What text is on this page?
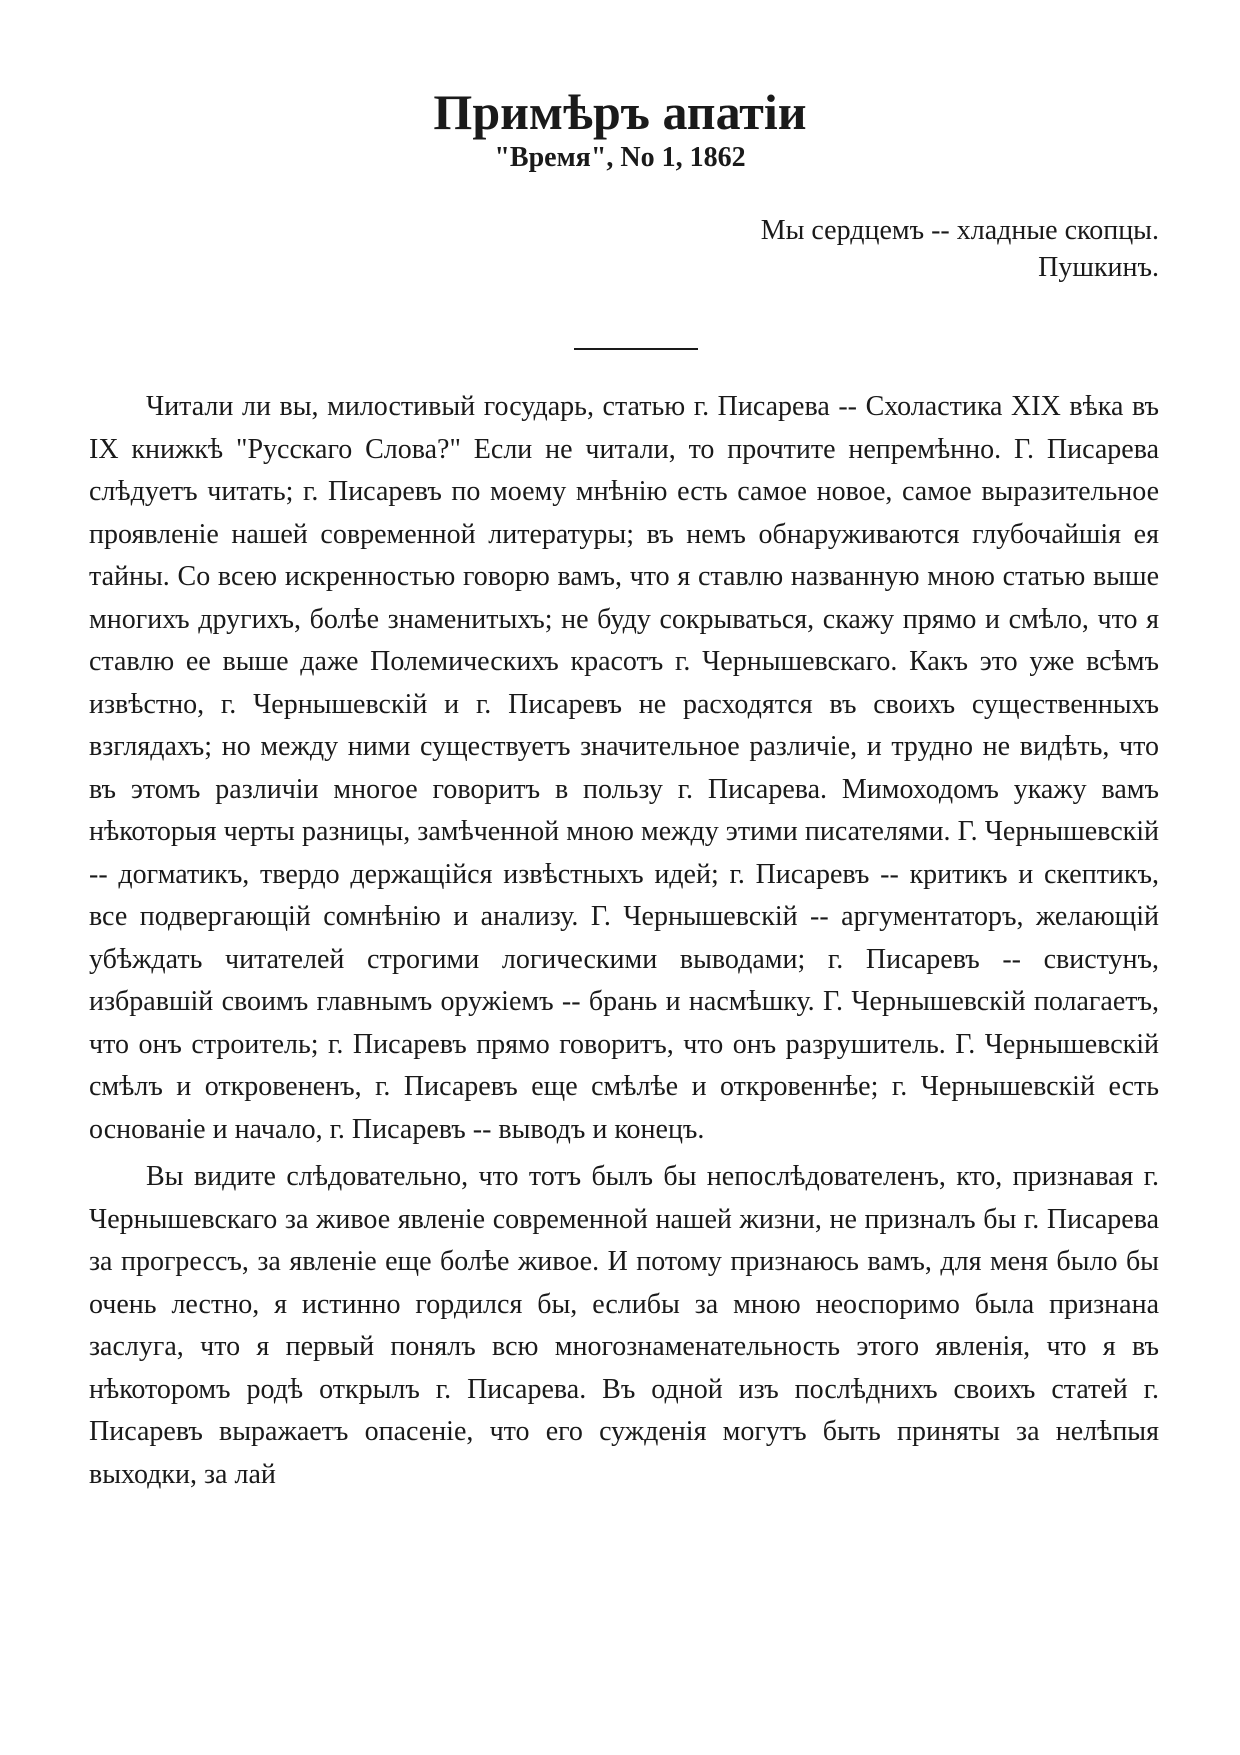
Примѣръ апатіи
"Время", No 1, 1862
Мы сердцемъ -- хладные скопцы.
Пушкинъ.

Читали ли вы, милостивый государь, статью г. Писарева -- Схоластика XIX вѣка въ IX книжкѣ "Русскаго Слова?" Если не читали, то прочтите непремѣнно. Г. Писарева слѣдуетъ читать; г. Писаревъ по моему мнѣнію есть самое новое, самое выразительное проявленіе нашей современной литературы; въ немъ обнаруживаются глубочайшія ея тайны. Со всею искренностью говорю вамъ, что я ставлю названную мною статью выше многихъ другихъ, болѣе знаменитыхъ; не буду сокрываться, скажу прямо и смѣло, что я ставлю ее выше даже Полемическихъ красотъ г. Чернышевскаго. Какъ это уже всѣмъ извѣстно, г. Чернышевскій и г. Писаревъ не расходятся въ своихъ существенныхъ взглядахъ; но между ними существуетъ значительное различіе, и трудно не видѣть, что въ этомъ различіи многое говоритъ в пользу г. Писарева. Мимоходомъ укажу вамъ нѣкоторыя черты разницы, замѣченной мною между этими писателями. Г. Чернышевскій -- догматикъ, твердо держащійся извѣстныхъ идей; г. Писаревъ -- критикъ и скептикъ, все подвергающій сомнѣнію и анализу. Г. Чернышевскій -- аргументаторъ, желающій убѣждать читателей строгими логическими выводами; г. Писаревъ -- свистунъ, избравшій своимъ главнымъ оружіемъ -- брань и насмѣшку. Г. Чернышевскій полагаетъ, что онъ строитель; г. Писаревъ прямо говоритъ, что онъ разрушитель. Г. Чернышевскій смѣлъ и откровененъ, г. Писаревъ еще смѣлѣе и откровеннѣе; г. Чернышевскій есть основаніе и начало, г. Писаревъ -- выводъ и конецъ.

Вы видите слѣдовательно, что тотъ былъ бы непослѣдователенъ, кто, признавая г. Чернышевскаго за живое явленіе современной нашей жизни, не призналъ бы г. Писарева за прогрессъ, за явленіе еще болѣе живое. И потому признаюсь вамъ, для меня было бы очень лестно, я истинно гордился бы, еслибы за мною неоспоримо была признана заслуга, что я первый понялъ всю многознаменательность этого явленія, что я въ нѣкоторомъ родѣ открылъ г. Писарева. Въ одной изъ послѣднихъ своихъ статей г. Писаревъ выражаетъ опасеніе, что его сужденія могутъ быть приняты за нелѣпыя выходки, за лай
